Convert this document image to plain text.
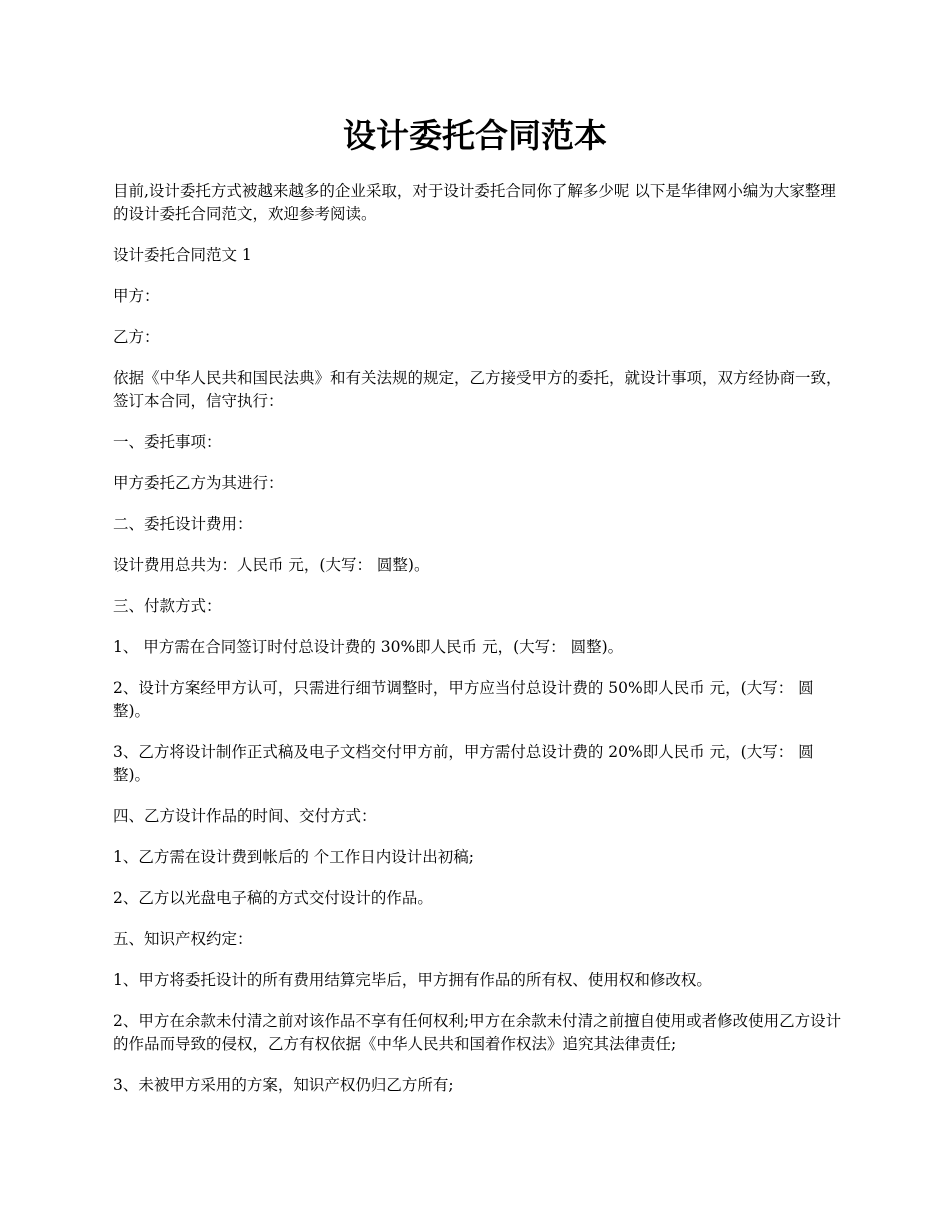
设计委托合同范本

目前,设计委托方式被越来越多的企业采取，对于设计委托合同你了解多少呢 以下是华律网小编为大家整理的设计委托合同范文，欢迎参考阅读。

设计委托合同范文 1

甲方：

乙方：

依据《中华人民共和国民法典》和有关法规的规定，乙方接受甲方的委托，就设计事项，双方经协商一致，签订本合同，信守执行：

一、委托事项：

甲方委托乙方为其进行：

二、委托设计费用：

设计费用总共为：人民币 元，(大写： 圆整)。

三、付款方式：

1、 甲方需在合同签订时付总设计费的 30%即人民币 元，(大写： 圆整)。

2、设计方案经甲方认可，只需进行细节调整时，甲方应当付总设计费的 50%即人民币 元，(大写： 圆整)。

3、乙方将设计制作正式稿及电子文档交付甲方前，甲方需付总设计费的 20%即人民币 元，(大写： 圆整)。

四、乙方设计作品的时间、交付方式：

1、乙方需在设计费到帐后的 个工作日内设计出初稿;

2、乙方以光盘电子稿的方式交付设计的作品。

五、知识产权约定：

1、甲方将委托设计的所有费用结算完毕后，甲方拥有作品的所有权、使用权和修改权。

2、甲方在余款未付清之前对该作品不享有任何权利;甲方在余款未付清之前擅自使用或者修改使用乙方设计的作品而导致的侵权，乙方有权依据《中华人民共和国着作权法》追究其法律责任;

3、未被甲方采用的方案，知识产权仍归乙方所有;
